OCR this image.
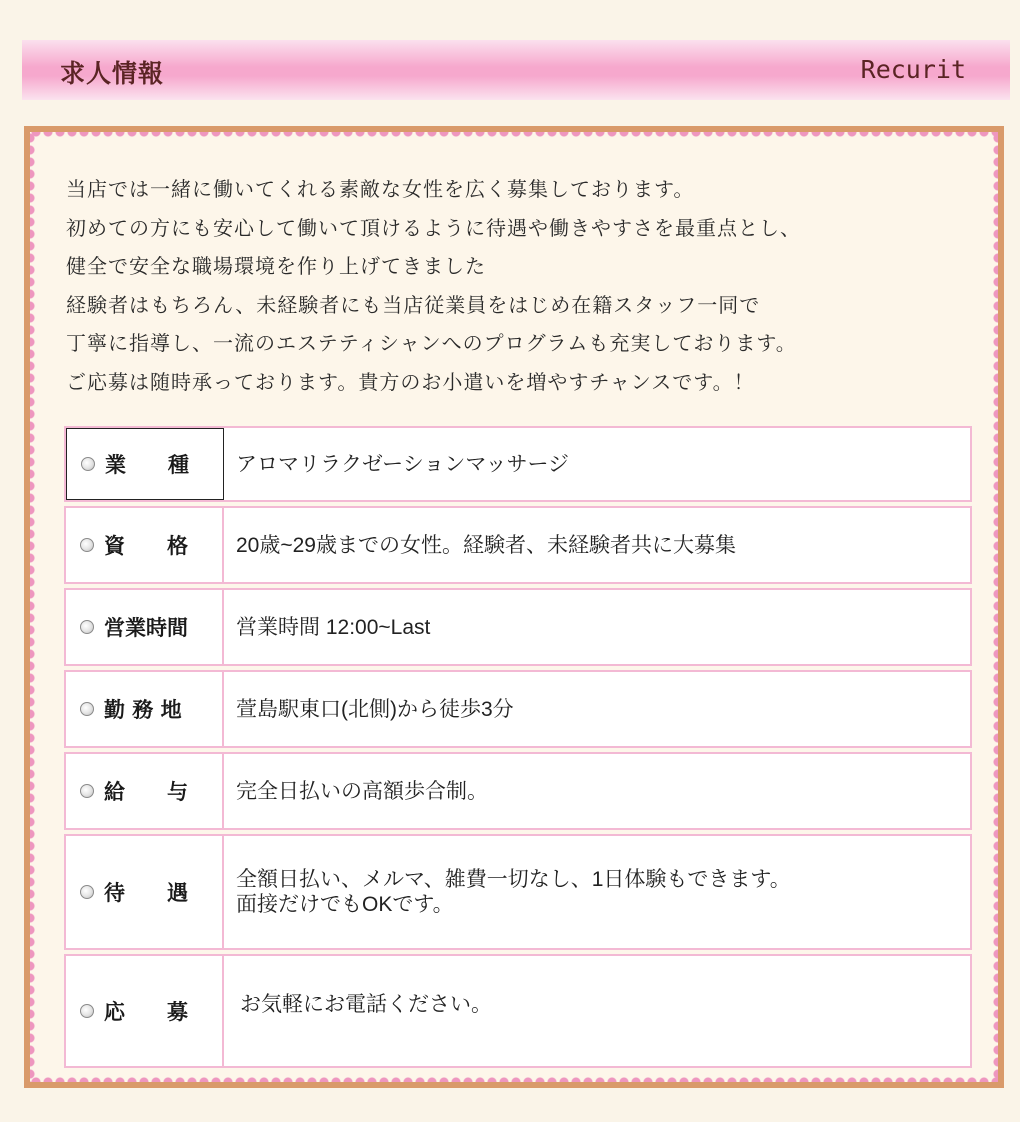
求人情報	Recurit

当店では一緒に働いてくれる素敵な女性を広く募集しております。

初めての方にも安心して働いて頂けるように待遇や働きやすさを最重点とし、

健全で安全な職場環境を作り上げてきました

経験者はもちろん、未経験者にも当店従業員をはじめ在籍スタッフ一同で

丁寧に指導し、一流のエステティシャンへのプログラムも充実しております。

ご応募は随時承っております。貴方のお小遣いを増やすチャンスです。！

業　　種 アロマリラクゼーションマッサージ
資　　格 20歳~29歳までの女性。経験者、未経験者共に大募集
営業時間 営業時間 12:00~Last
勤 務 地	萱島駅東口(北側)から徒歩3分
給　　与 完全日払いの高額歩合制。
待　　遇
全額日払い、メルマ、雑費一切なし、1日体験もできます。
面接だけでもOKです。
応　　募 お気軽にお電話ください。
